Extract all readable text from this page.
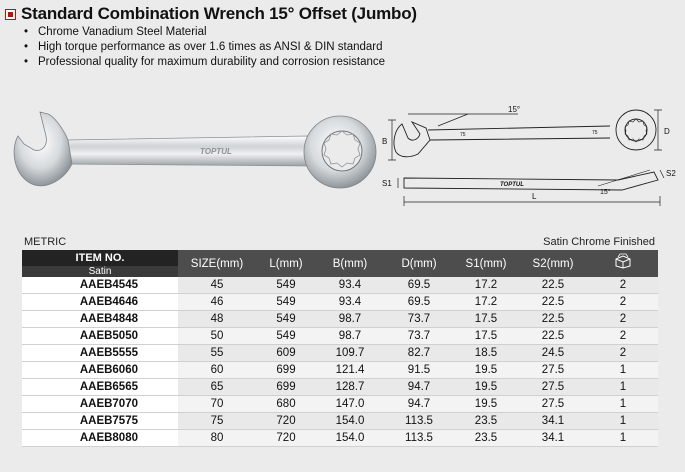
Standard Combination Wrench 15° Offset (Jumbo)
• Chrome Vanadium Steel Material
• High torque performance as over 1.6 times as ANSI & DIN standard
• Professional quality for maximum durability and corrosion resistance
TOPTUL
B
D
15°
15°
S1
S2
L
75	75
TOPTUL
METRIC	Satin Chrome Finished
ITEM NO.	SIZE(mm)	L(mm)	B(mm)	D(mm)	S1(mm)	S2(mm)	
Satin							
AAEB4545	45	549	93.4	69.5	17.2	22.5	2
AAEB4646	46	549	93.4	69.5	17.2	22.5	2
AAEB4848	48	549	98.7	73.7	17.5	22.5	2
AAEB5050	50	549	98.7	73.7	17.5	22.5	2
AAEB5555	55	609	109.7	82.7	18.5	24.5	2
AAEB6060	60	699	121.4	91.5	19.5	27.5	1
AAEB6565	65	699	128.7	94.7	19.5	27.5	1
AAEB7070	70	680	147.0	94.7	19.5	27.5	1
AAEB7575	75	720	154.0	113.5	23.5	34.1	1
AAEB8080	80	720	154.0	113.5	23.5	34.1	1
